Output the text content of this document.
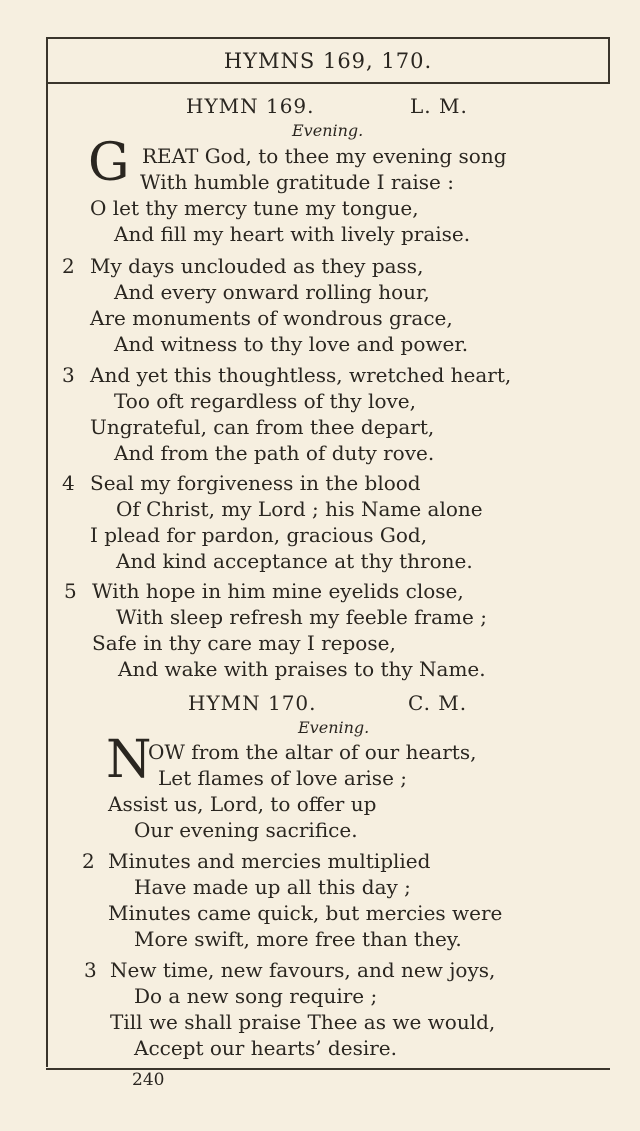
HYMNS 169, 170.
HYMN 169.	L. M.
Evening.
G REAT God, to thee my evening song
With humble gratitude I raise :
O let thy mercy tune my tongue,
And fill my heart with lively praise.
2 My days unclouded as they pass,
And every onward rolling hour,
Are monuments of wondrous grace,
And witness to thy love and power.
3 And yet this thoughtless, wretched heart,
Too oft regardless of thy love,
Ungrateful, can from thee depart,
And from the path of duty rove.
4 Seal my forgiveness in the blood
Of Christ, my Lord ; his Name alone
I plead for pardon, gracious God,
And kind acceptance at thy throne.
5 With hope in him mine eyelids close,
With sleep refresh my feeble frame ;
Safe in thy care may I repose,
And wake with praises to thy Name.
HYMN 170.	C. M.
Evening.
N
OW from the altar of our hearts,
Let flames of love arise ;
Assist us, Lord, to offer up
Our evening sacrifice.
2 Minutes and mercies multiplied
Have made up all this day ;
Minutes came quick, but mercies were
More swift, more free than they.
3 New time, new favours, and new joys,
Do a new song require ;
Till we shall praise Thee as we would,
Accept our hearts’ desire.
240
